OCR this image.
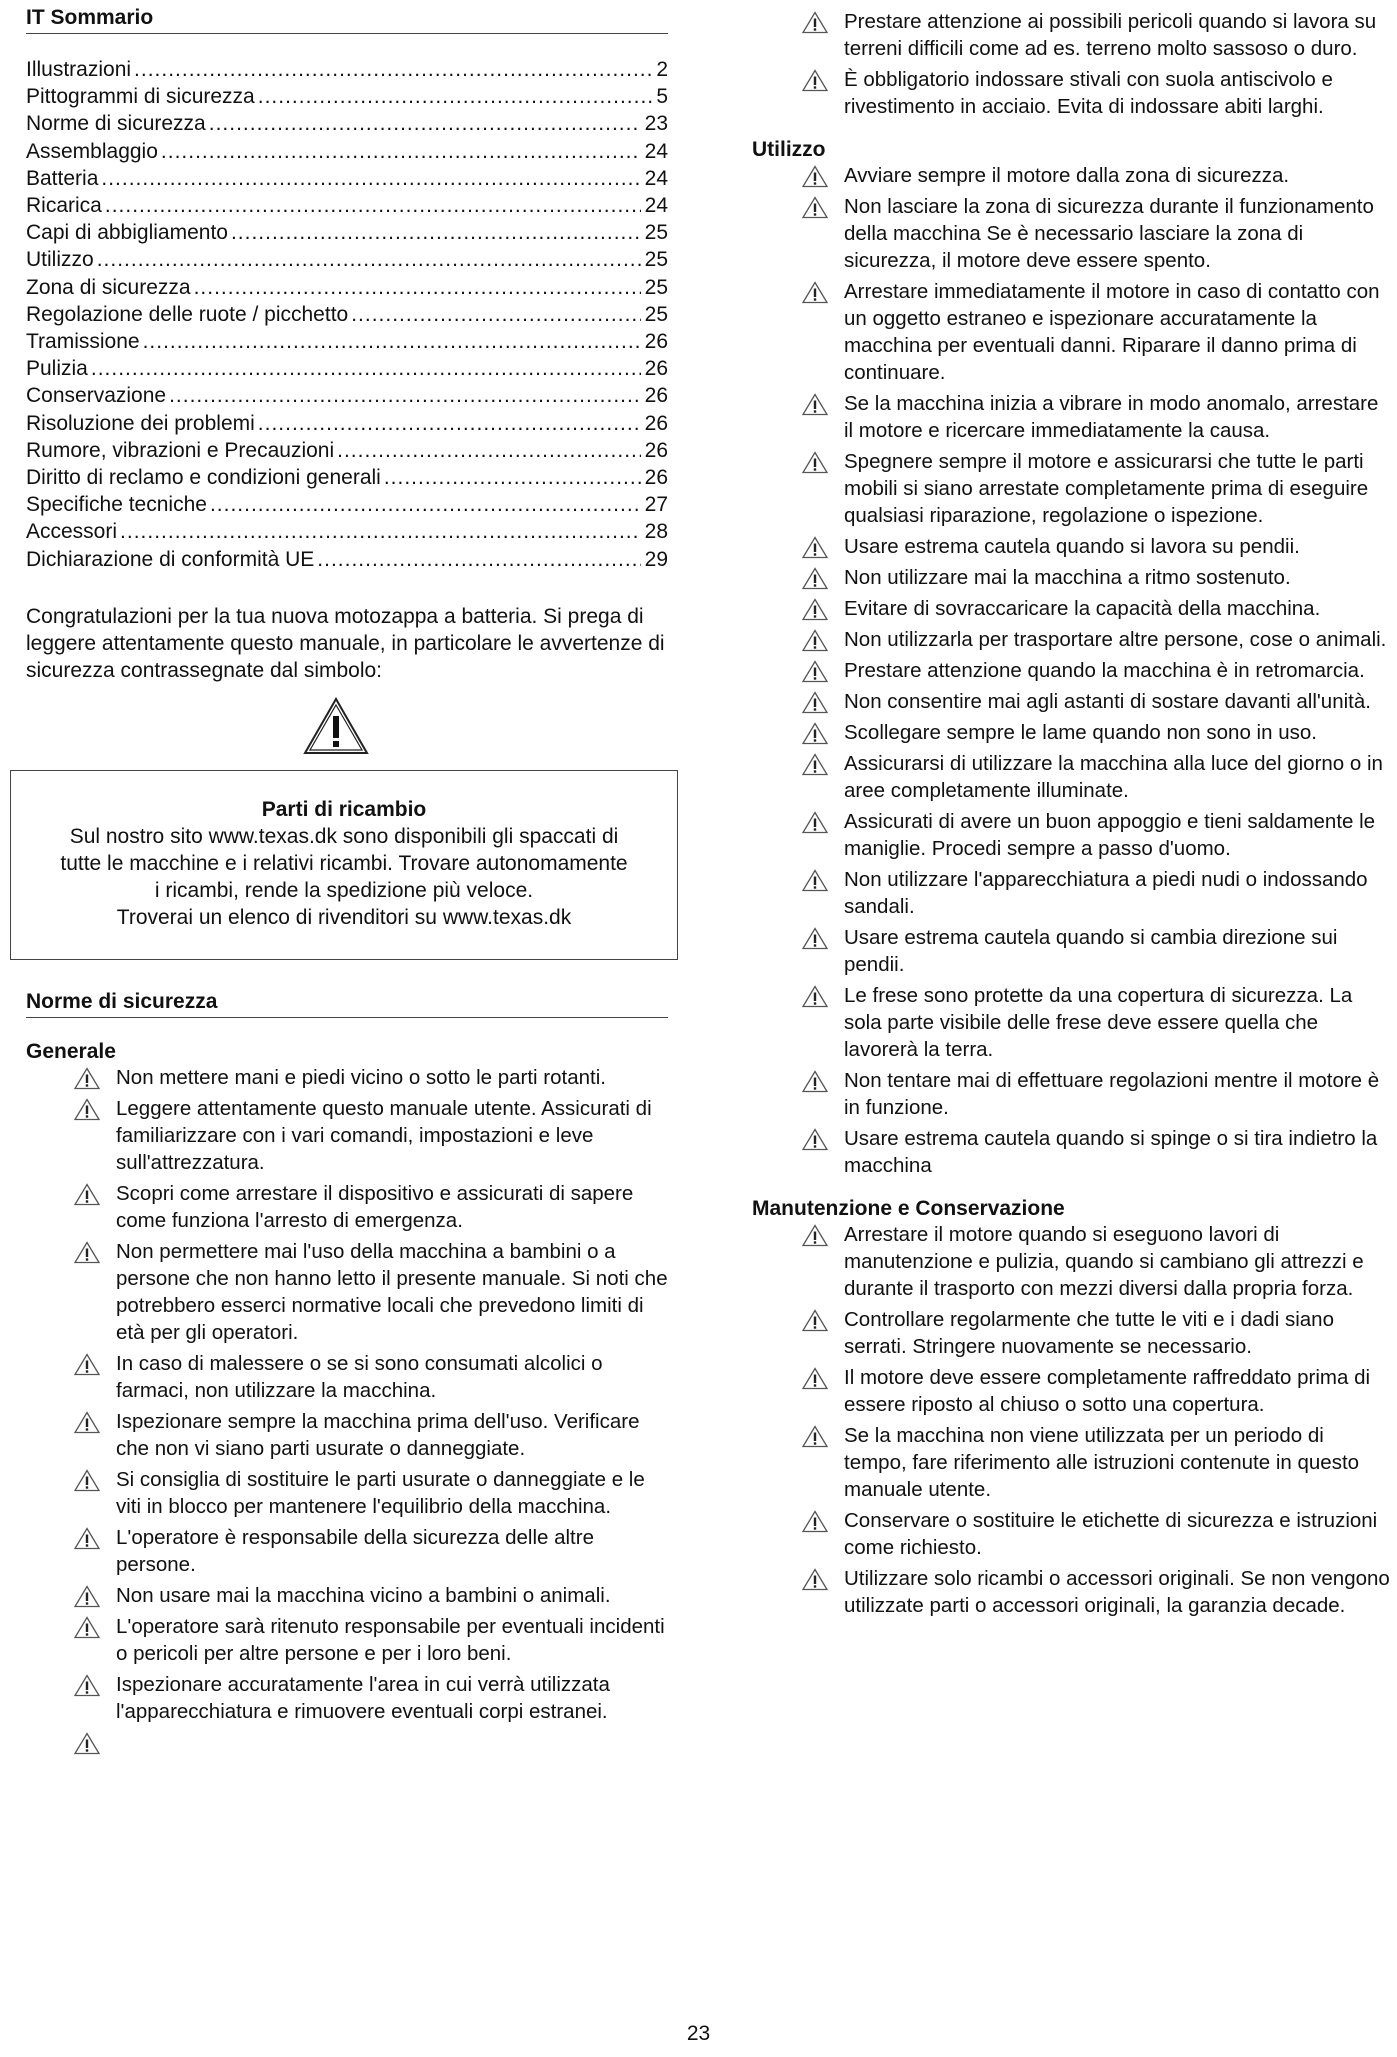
IT Sommario
Illustrazioni .....	2
Pittogrammi di sicurezza .....	5
Norme di sicurezza .....	23
Assemblaggio .....	24
Batteria .....	24
Ricarica .....	24
Capi di abbigliamento .....	25
Utilizzo .....	25
Zona di sicurezza .....	25
Regolazione delle ruote / picchetto .....	25
Tramissione .....	26
Pulizia .....	26
Conservazione .....	26
Risoluzione dei problemi .....	26
Rumore, vibrazioni e Precauzioni .....	26
Diritto di reclamo e condizioni generali .....	26
Specifiche tecniche .....	27
Accessori .....	28
Dichiarazione di conformità UE .....	29
Congratulazioni per la tua nuova motozappa a batteria. Si prega di leggere attentamente questo manuale, in particolare le avvertenze di sicurezza contrassegnate dal simbolo:
Parti di ricambio
Sul nostro sito www.texas.dk sono disponibili gli spaccati di
tutte le macchine e i relativi ricambi. Trovare autonomamente
i ricambi, rende la spedizione più veloce.
Troverai un elenco di rivenditori su www.texas.dk
Norme di sicurezza
Generale
Non mettere mani e piedi vicino o sotto le parti rotanti.
Leggere attentamente questo manuale utente. Assicurati di familiarizzare con i vari comandi, impostazioni e leve sull'attrezzatura.
Scopri come arrestare il dispositivo e assicurati di sapere come funziona l'arresto di emergenza.
Non permettere mai l'uso della macchina a bambini o a persone che non hanno letto il presente manuale. Si noti che potrebbero esserci normative locali che prevedono limiti di età per gli operatori.
In caso di malessere o se si sono consumati alcolici o farmaci, non utilizzare la macchina.
Ispezionare sempre la macchina prima dell'uso. Verificare che non vi siano parti usurate o danneggiate.
Si consiglia di sostituire le parti usurate o danneggiate e le viti in blocco per mantenere l'equilibrio della macchina.
L'operatore è responsabile della sicurezza delle altre persone.
Non usare mai la macchina vicino a bambini o animali.
L'operatore sarà ritenuto responsabile per eventuali incidenti o pericoli per altre persone e per i loro beni.
Ispezionare accuratamente l'area in cui verrà utilizzata l'apparecchiatura e rimuovere eventuali corpi estranei.
Prestare attenzione ai possibili pericoli quando si lavora su terreni difficili come ad es. terreno molto sassoso o duro.
È obbligatorio indossare stivali con suola antiscivolo e rivestimento in acciaio. Evita di indossare abiti larghi.
Utilizzo
Avviare sempre il motore dalla zona di sicurezza.
Non lasciare la zona di sicurezza durante il funzionamento della macchina Se è necessario lasciare la zona di sicurezza, il motore deve essere spento.
Arrestare immediatamente il motore in caso di contatto con un oggetto estraneo e ispezionare accuratamente la macchina per eventuali danni. Riparare il danno prima di continuare.
Se la macchina inizia a vibrare in modo anomalo, arrestare il motore e ricercare immediatamente la causa.
Spegnere sempre il motore e assicurarsi che tutte le parti mobili si siano arrestate completamente prima di eseguire qualsiasi riparazione, regolazione o ispezione.
Usare estrema cautela quando si lavora su pendii.
Non utilizzare mai la macchina a ritmo sostenuto.
Evitare di sovraccaricare la capacità della macchina.
Non utilizzarla per trasportare altre persone, cose o animali.
Prestare attenzione quando la macchina è in retromarcia.
Non consentire mai agli astanti di sostare davanti all'unità.
Scollegare sempre le lame quando non sono in uso.
Assicurarsi di utilizzare la macchina alla luce del giorno o in aree completamente illuminate.
Assicurati di avere un buon appoggio e tieni saldamente le maniglie. Procedi sempre a passo d'uomo.
Non utilizzare l'apparecchiatura a piedi nudi o indossando sandali.
Usare estrema cautela quando si cambia direzione sui pendii.
Le frese sono protette da una copertura di sicurezza. La sola parte visibile delle frese deve essere quella che lavorerà la terra.
Non tentare mai di effettuare regolazioni mentre il motore è in funzione.
Usare estrema cautela quando si spinge o si tira indietro la macchina
Manutenzione e Conservazione
Arrestare il motore quando si eseguono lavori di manutenzione e pulizia, quando si cambiano gli attrezzi e durante il trasporto con mezzi diversi dalla propria forza.
Controllare regolarmente che tutte le viti e i dadi siano serrati. Stringere nuovamente se necessario.
Il motore deve essere completamente raffreddato prima di essere riposto al chiuso o sotto una copertura.
Se la macchina non viene utilizzata per un periodo di tempo, fare riferimento alle istruzioni contenute in questo manuale utente.
Conservare o sostituire le etichette di sicurezza e istruzioni come richiesto.
Utilizzare solo ricambi o accessori originali. Se non vengono utilizzate parti o accessori originali, la garanzia decade.
23
